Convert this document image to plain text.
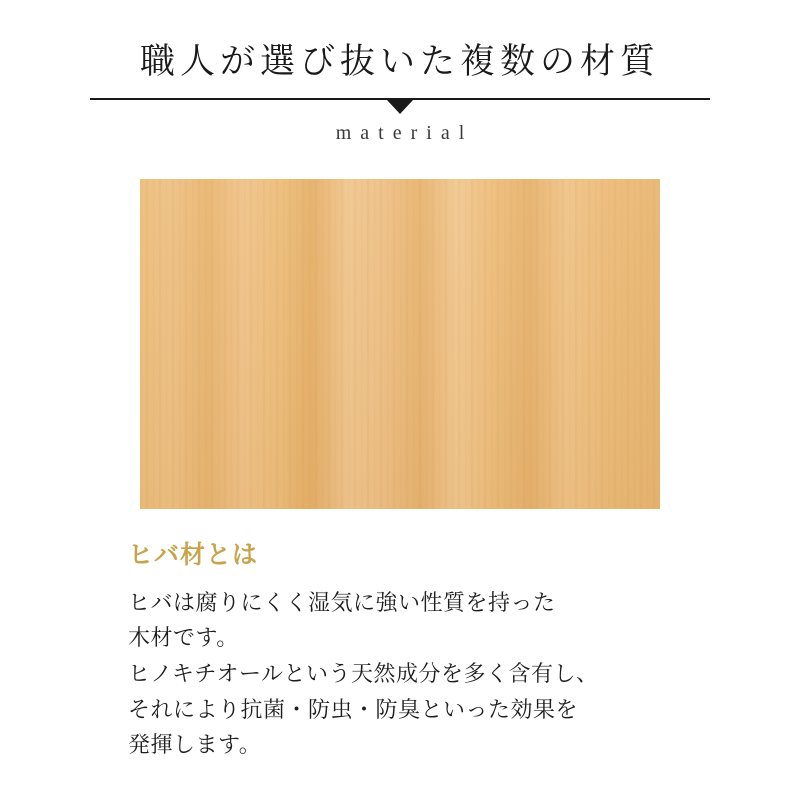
職人が選び抜いた複数の材質
material
ヒバ材とは

ヒバは腐りにくく湿気に強い性質を持った

木材です。

ヒノキチオールという天然成分を多く含有し、

それにより抗菌・防虫・防臭といった効果を

発揮します。
